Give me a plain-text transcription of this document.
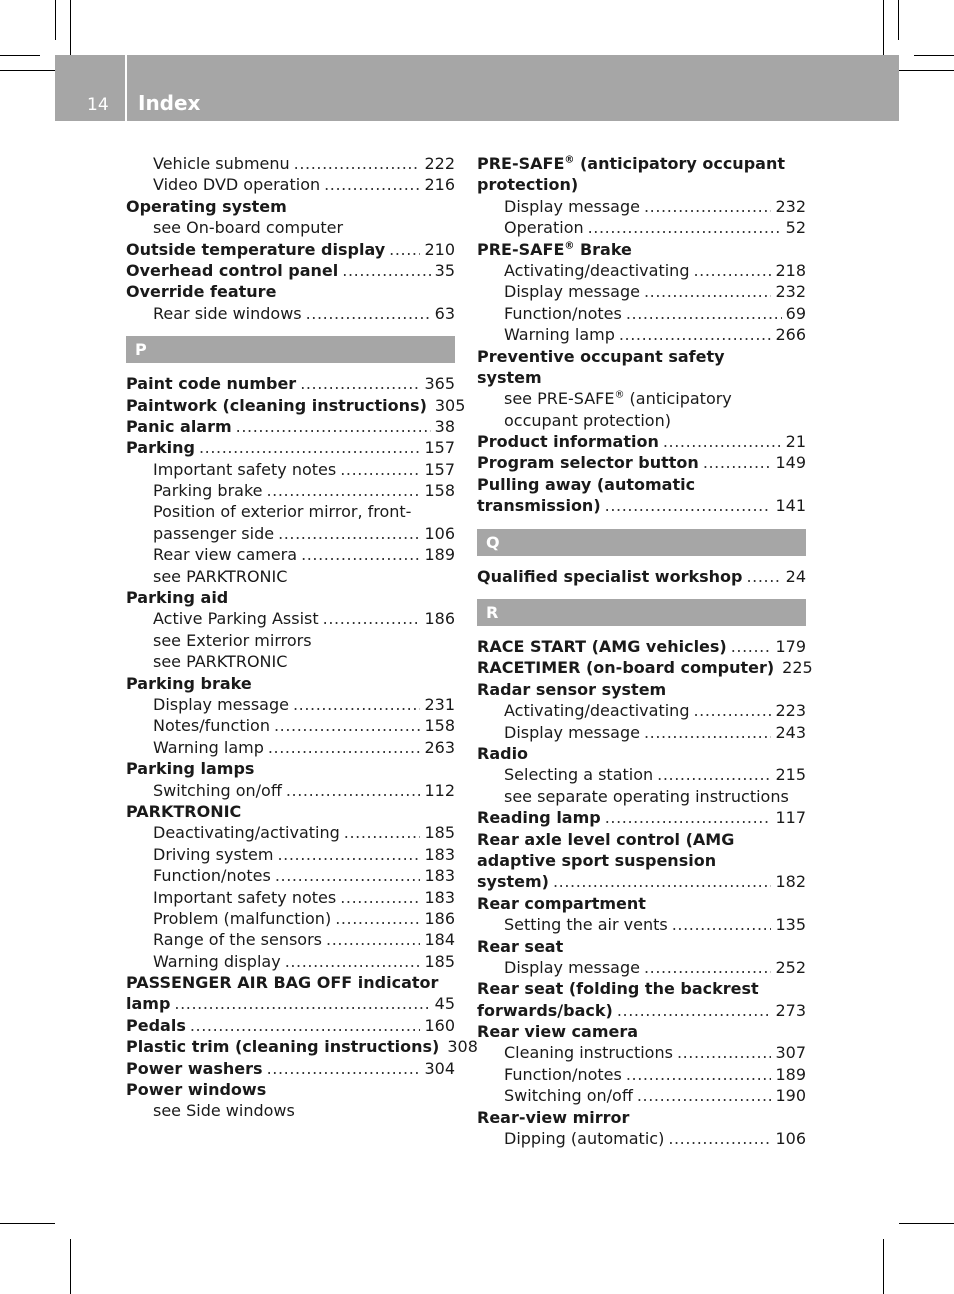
14 Index
Vehicle submenu .....	222
Video DVD operation .....	216
Operating system
see On-board computer
Outside temperature display ..... 210
Overhead control panel .....	35
Override feature
Rear side windows .....	63
P
Paint code number .....	365
Paintwork (cleaning instructions) 305
Panic alarm .....	38
Parking .....	157
Important safety notes .....	157
Parking brake .....	158
Position of exterior mirror, front-
passenger side .....	106
Rear view camera .....	189
see PARKTRONIC
Parking aid
Active Parking Assist .....	186
see Exterior mirrors
see PARKTRONIC
Parking brake
Display message .....	231
Notes/function .....	158
Warning lamp .....	263
Parking lamps
Switching on/off .....	112
PARKTRONIC
Deactivating/activating .....	185
Driving system .....	183
Function/notes .....	183
Important safety notes .....	183
Problem (malfunction) .....	186
Range of the sensors .....	184
Warning display .....	185
PASSENGER AIR BAG OFF indicator
lamp .....	45
Pedals .....	160
Plastic trim (cleaning instructions) 308
Power washers .....	304
Power windows
see Side windows
PRE-SAFE® (anticipatory occupant
protection)
Display message .....	232
Operation .....	52
PRE-SAFE® Brake
Activating/deactivating .....	218
Display message .....	232
Function/notes .....	69
Warning lamp .....	266
Preventive occupant safety
system
see PRE-SAFE® (anticipatory
occupant protection)
Product information .....	21
Program selector button .....	149
Pulling away (automatic
transmission) .....	141
Q
Qualified specialist workshop .....	24
R
RACE START (AMG vehicles) .....	179
RACETIMER (on-board computer) 225
Radar sensor system
Activating/deactivating .....	223
Display message .....	243
Radio
Selecting a station .....	215
see separate operating instructions
Reading lamp .....	117
Rear axle level control (AMG
adaptive sport suspension
system) .....	182
Rear compartment
Setting the air vents .....	135
Rear seat
Display message .....	252
Rear seat (folding the backrest
forwards/back) .....	273
Rear view camera
Cleaning instructions .....	307
Function/notes .....	189
Switching on/off .....	190
Rear-view mirror
Dipping (automatic) .....	106
